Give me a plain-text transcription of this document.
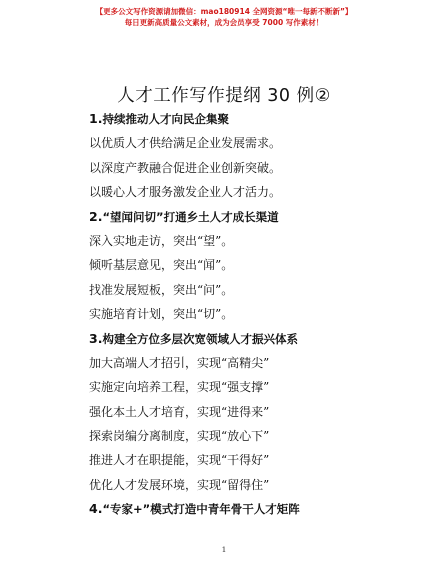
【更多公文写作资源请加微信：mao180914 全网资源“唯一每新不断新”】
每日更新高质量公文素材，成为会员享受 7000 写作素材！
人才工作写作提纲 30 例②
1.持续推动人才向民企集聚
以优质人才供给满足企业发展需求。
以深度产教融合促进企业创新突破。
以暖心人才服务激发企业人才活力。
2.“望闻问切”打通乡土人才成长渠道
深入实地走访，突出“望”。
倾听基层意见，突出“闻”。
找准发展短板，突出“问”。
实施培育计划，突出“切”。
3.构建全方位多层次宽领域人才振兴体系
加大高端人才招引，实现“高精尖”
实施定向培养工程，实现“强支撑”
强化本土人才培育，实现“进得来”
探索岗编分离制度，实现“放心下”
推进人才在职提能，实现“干得好”
优化人才发展环境，实现“留得住”
4.“专家+”模式打造中青年骨干人才矩阵
1
